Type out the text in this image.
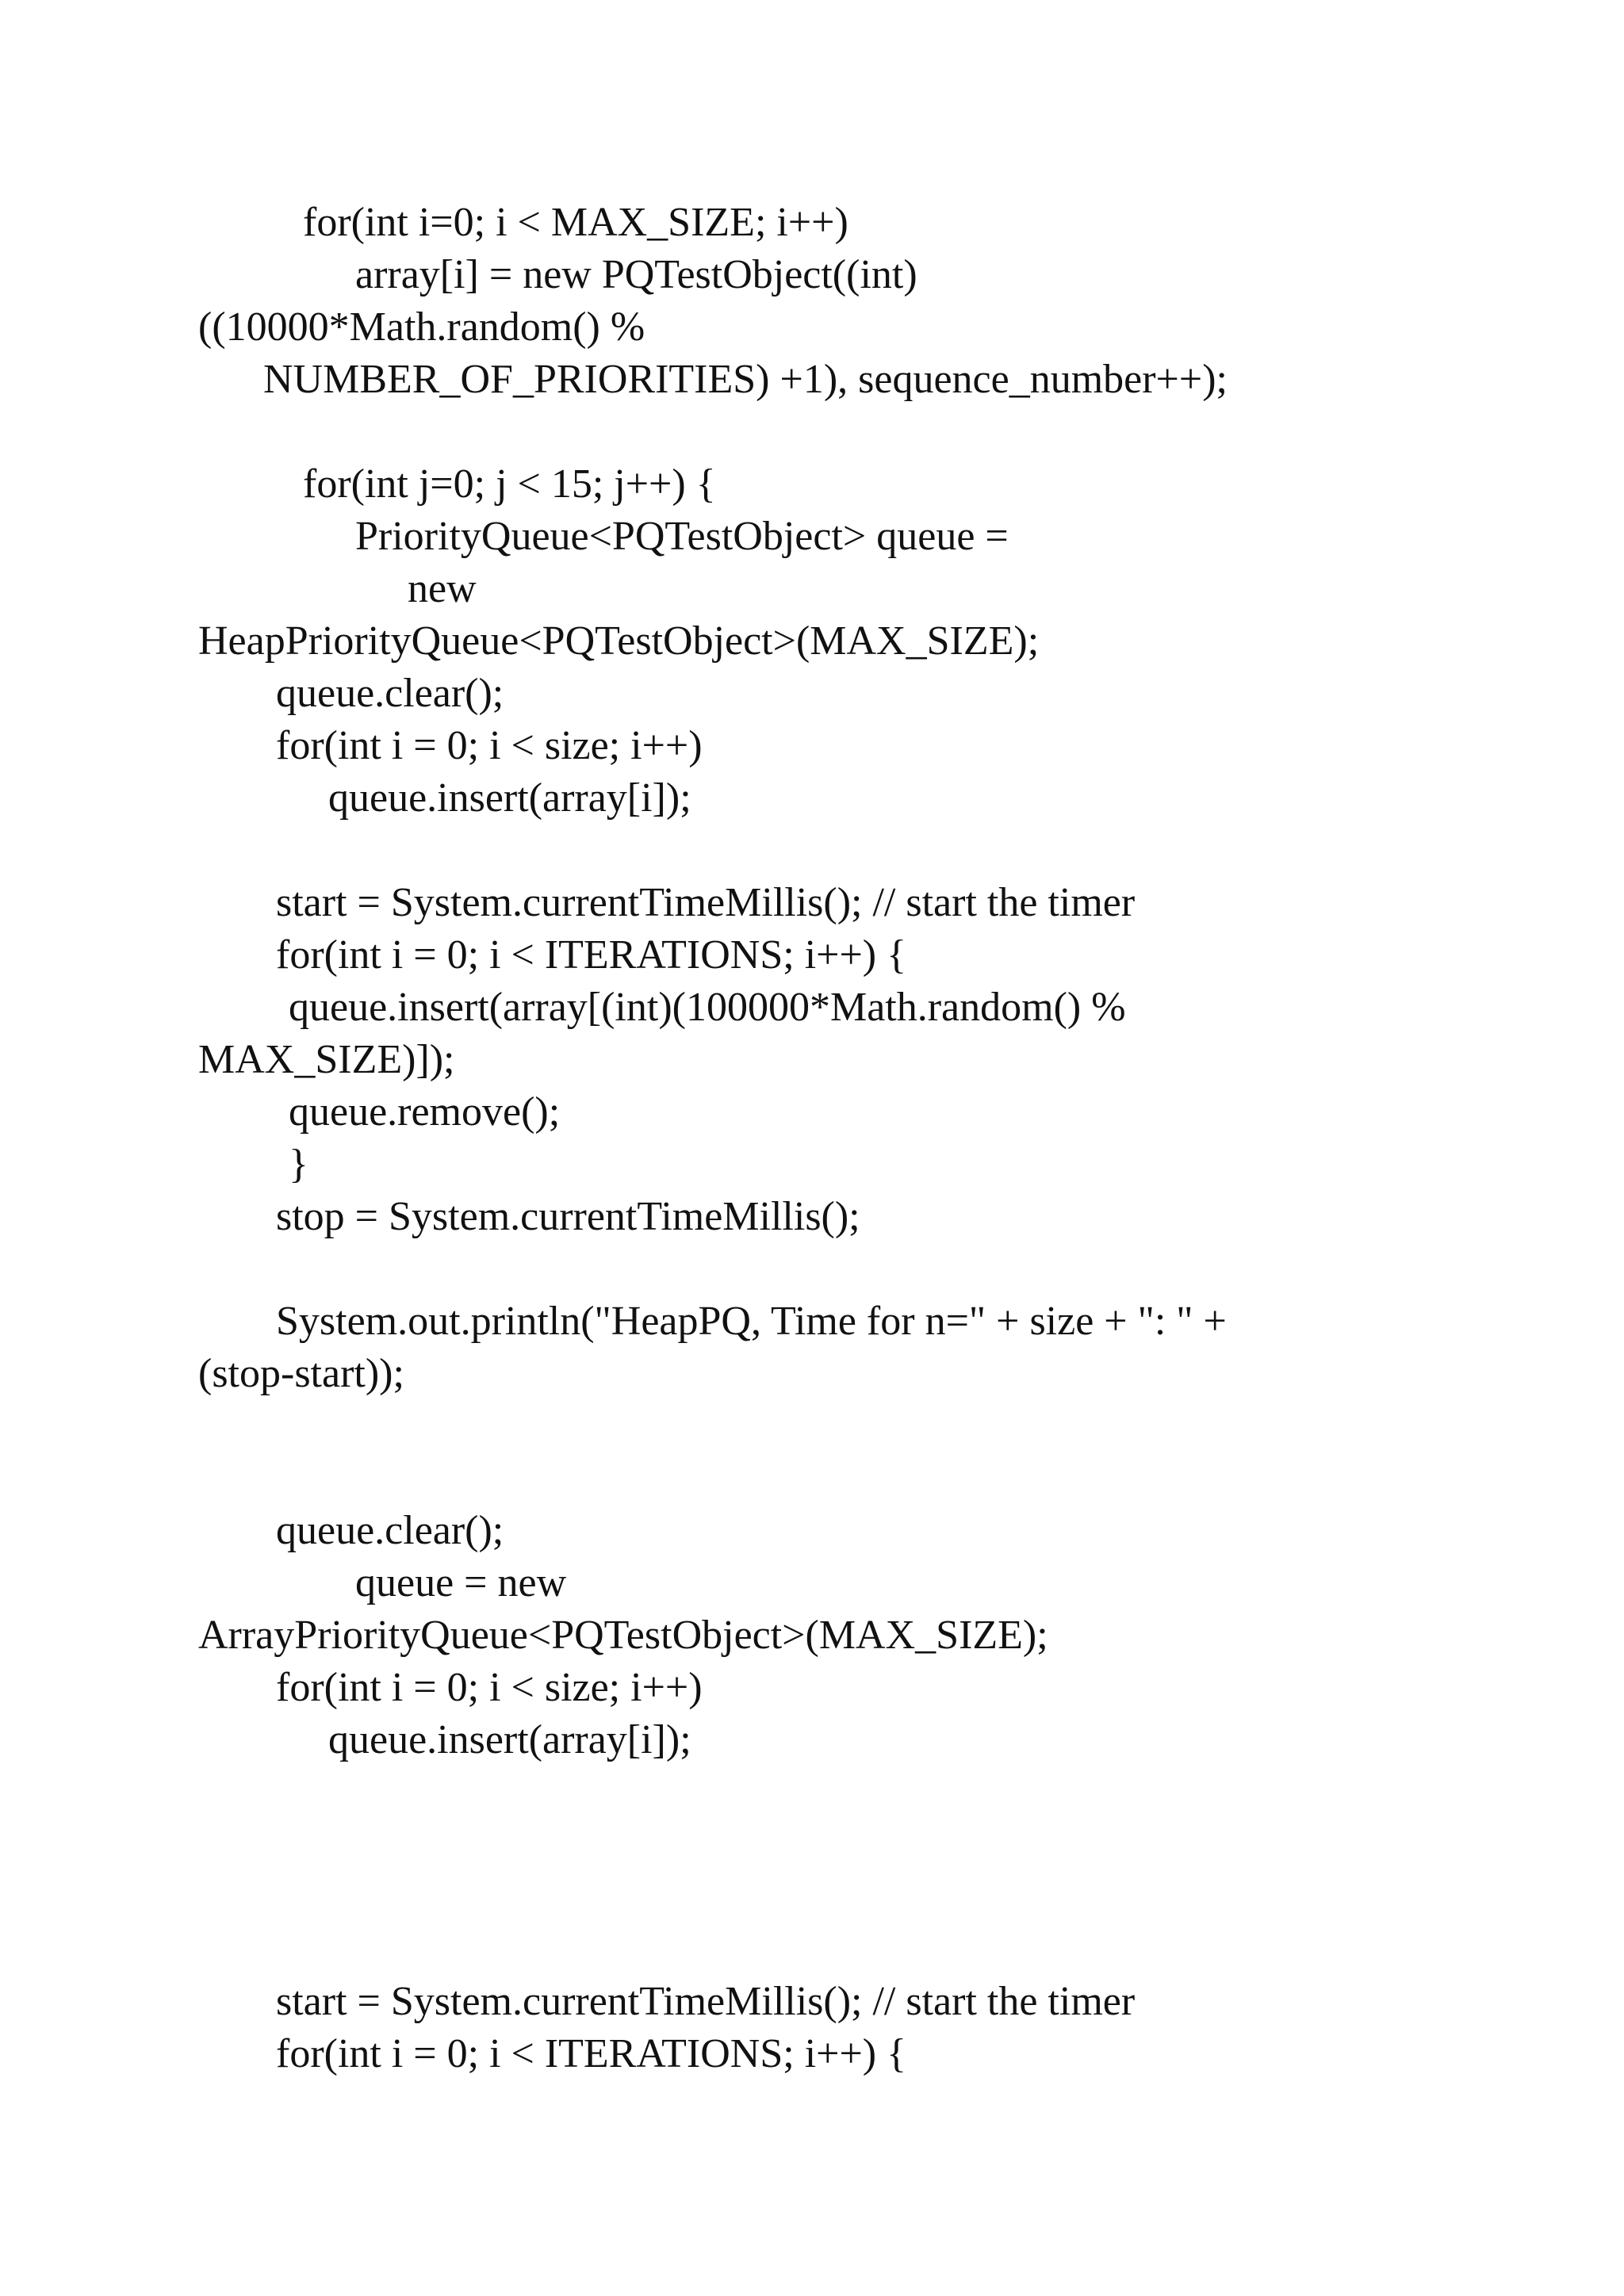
for(int i=0; i < MAX_SIZE; i++)
array[i] = new PQTestObject((int)
((10000*Math.random() %
NUMBER_OF_PRIORITIES) +1), sequence_number++);
for(int j=0; j < 15; j++) {
PriorityQueue<PQTestObject> queue =
new
HeapPriorityQueue<PQTestObject>(MAX_SIZE);
queue.clear();
for(int i = 0; i < size; i++)
queue.insert(array[i]);
start = System.currentTimeMillis(); // start the timer
for(int i = 0; i < ITERATIONS; i++) {
queue.insert(array[(int)(100000*Math.random() %
MAX_SIZE)]);
queue.remove();
}
stop = System.currentTimeMillis();
System.out.println("HeapPQ, Time for n=" + size + ": " +
(stop-start));
queue.clear();
queue = new
ArrayPriorityQueue<PQTestObject>(MAX_SIZE);
for(int i = 0; i < size; i++)
queue.insert(array[i]);
start = System.currentTimeMillis(); // start the timer
for(int i = 0; i < ITERATIONS; i++) {
